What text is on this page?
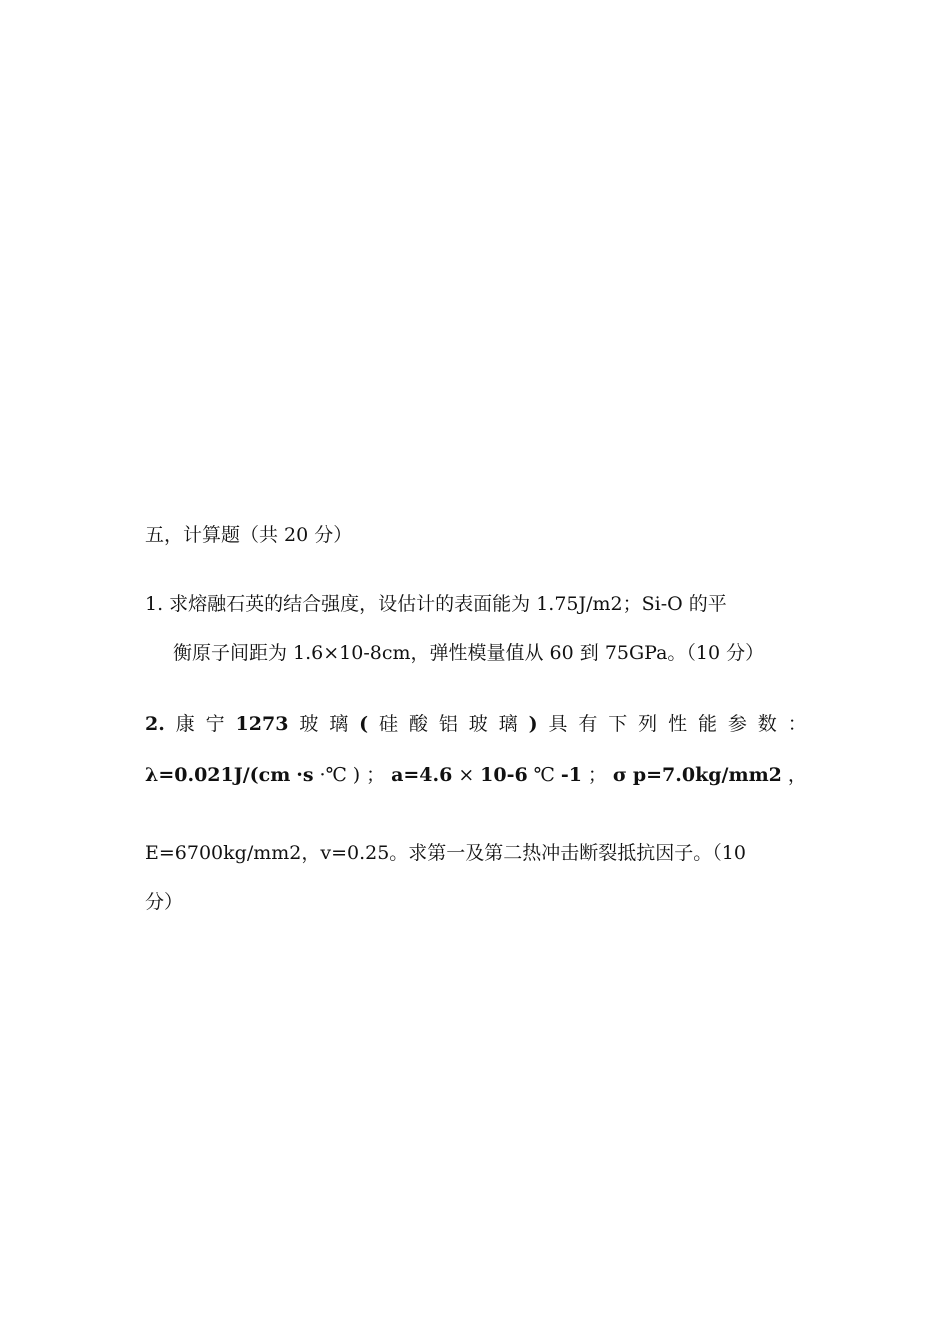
五，计算题（共 20 分）
1. 求熔融石英的结合强度，设估计的表面能为 1.75J/m2；Si-O 的平
衡原子间距为 1.6×10-8cm，弹性模量值从 60 到 75GPa。（10 分）
2. 康 宁 1273 玻 璃 ( 硅 酸 铝 玻 璃 ) 具 有 下 列 性 能 参 数 ：
λ=0.021J/(cm ·s ·℃ ) ； a=4.6 × 10-6 ℃ -1 ； σ p=7.0kg/mm2 ，
E=6700kg/mm2，v=0.25。求第一及第二热冲击断裂抵抗因子。（10
分）
